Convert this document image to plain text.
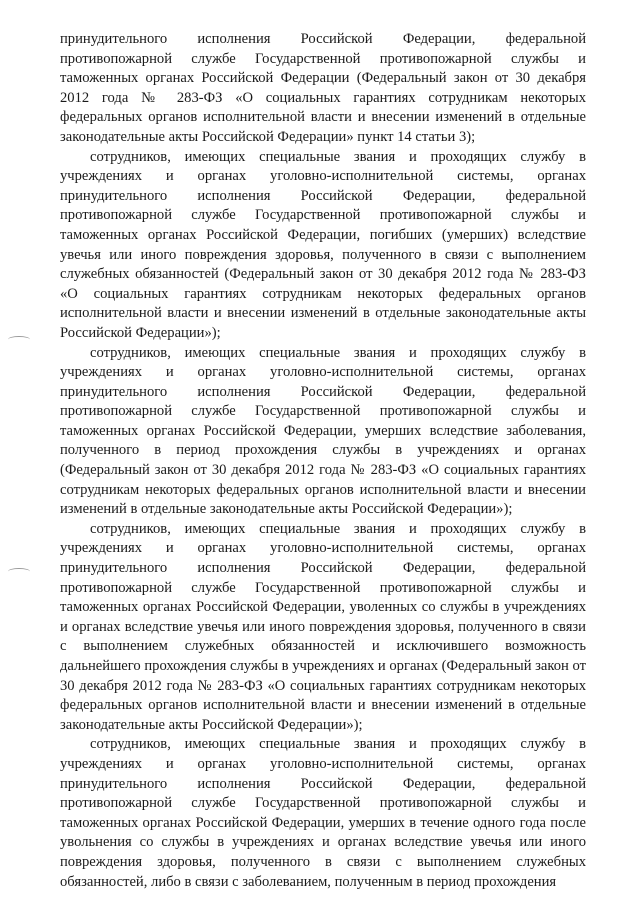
принудительного исполнения Российской Федерации, федеральной противопожарной службе Государственной противопожарной службы и таможенных органах Российской Федерации (Федеральный закон от 30 декабря 2012 года № 283-ФЗ «О социальных гарантиях сотрудникам некоторых федеральных органов исполнительной власти и внесении изменений в отдельные законодательные акты Российской Федерации» пункт 14 статьи 3);

сотрудников, имеющих специальные звания и проходящих службу в учреждениях и органах уголовно-исполнительной системы, органах принудительного исполнения Российской Федерации, федеральной противопожарной службе Государственной противопожарной службы и таможенных органах Российской Федерации, погибших (умерших) вследствие увечья или иного повреждения здоровья, полученного в связи с выполнением служебных обязанностей (Федеральный закон от 30 декабря 2012 года № 283-ФЗ «О социальных гарантиях сотрудникам некоторых федеральных органов исполнительной власти и внесении изменений в отдельные законодательные акты Российской Федерации»);

сотрудников, имеющих специальные звания и проходящих службу в учреждениях и органах уголовно-исполнительной системы, органах принудительного исполнения Российской Федерации, федеральной противопожарной службе Государственной противопожарной службы и таможенных органах Российской Федерации, умерших вследствие заболевания, полученного в период прохождения службы в учреждениях и органах (Федеральный закон от 30 декабря 2012 года № 283-ФЗ «О социальных гарантиях сотрудникам некоторых федеральных органов исполнительной власти и внесении изменений в отдельные законодательные акты Российской Федерации»);

сотрудников, имеющих специальные звания и проходящих службу в учреждениях и органах уголовно-исполнительной системы, органах принудительного исполнения Российской Федерации, федеральной противопожарной службе Государственной противопожарной службы и таможенных органах Российской Федерации, уволенных со службы в учреждениях и органах вследствие увечья или иного повреждения здоровья, полученного в связи с выполнением служебных обязанностей и исключившего возможность дальнейшего прохождения службы в учреждениях и органах (Федеральный закон от 30 декабря 2012 года № 283-ФЗ «О социальных гарантиях сотрудникам некоторых федеральных органов исполнительной власти и внесении изменений в отдельные законодательные акты Российской Федерации»);

сотрудников, имеющих специальные звания и проходящих службу в учреждениях и органах уголовно-исполнительной системы, органах принудительного исполнения Российской Федерации, федеральной противопожарной службе Государственной противопожарной службы и таможенных органах Российской Федерации, умерших в течение одного года после увольнения со службы в учреждениях и органах вследствие увечья или иного повреждения здоровья, полученного в связи с выполнением служебных обязанностей, либо в связи с заболеванием, полученным в период прохождения
